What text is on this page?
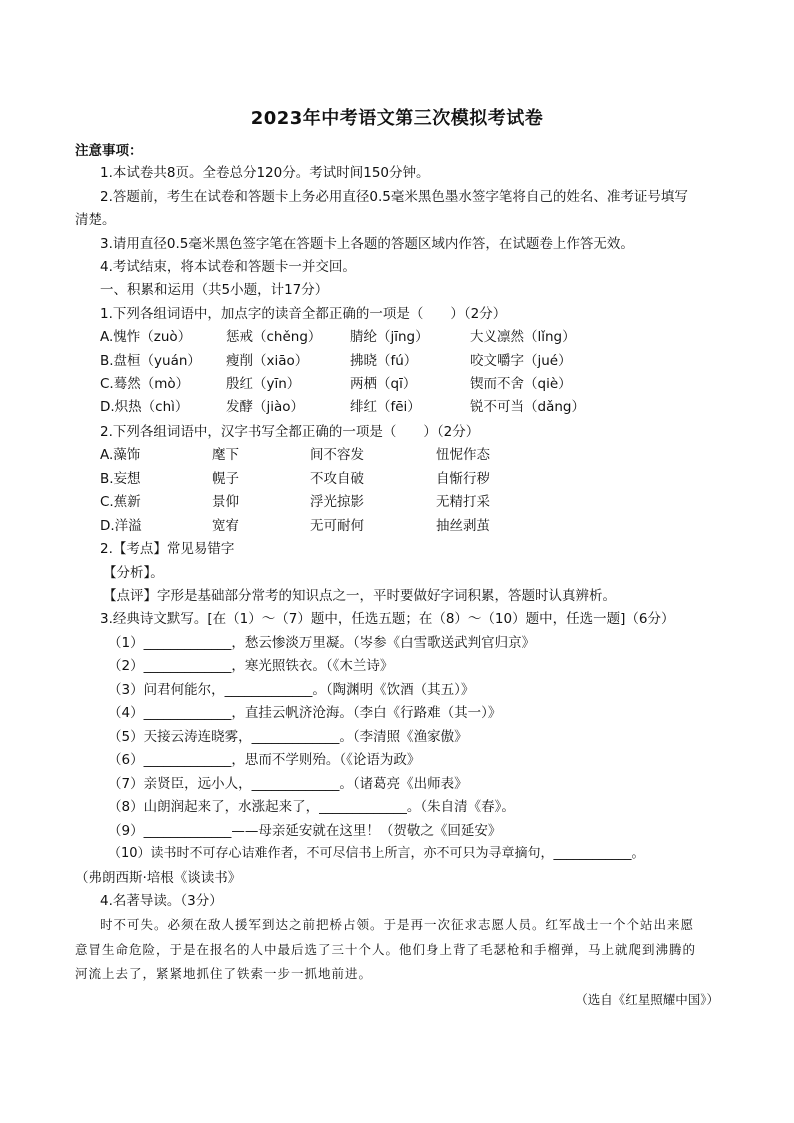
2023年中考语文第三次模拟考试卷
注意事项：
1.本试卷共8页。全卷总分120分。考试时间150分钟。
2.答题前，考生在试卷和答题卡上务必用直径0.5毫米黑色墨水签字笔将自己的姓名、准考证号填写
清楚。
3.请用直径0.5毫米黑色签字笔在答题卡上各题的答题区域内作答，在试题卷上作答无效。
4.考试结束，将本试卷和答题卡一并交回。
一、积累和运用（共5小题，计17分）
1.下列各组词语中，加点字的读音全都正确的一项是（　　）（2分）
A.愧怍（zuò）	惩戒（chěng） 腈纶（jīng）	大义凛然（lǐng）
B.盘桓（yuán） 瘦削（xiāo）	拂晓（fú）	咬文嚼字（jué）
C.蓦然（mò）	殷红（yīn）	两栖（qī）	锲而不舍（qiè）
D.炽热（chì）	发酵（jiào）	绯红（fēi）	锐不可当（dǎng）
2.下列各组词语中，汉字书写全都正确的一项是（　　）（2分）
A.藻饰	麾下	间不容发	忸怩作态
B.妄想	幌子	不攻自破	自惭行秽
C.蕉新	景仰	浮光掠影	无精打采
D.洋溢	宽宥	无可耐何	抽丝剥茧
2.【考点】常见易错字
【分析】。
【点评】字形是基础部分常考的知识点之一，平时要做好字词积累，答题时认真辨析。
3.经典诗文默写。[在（1）～（7）题中，任选五题；在（8）～（10）题中，任选一题]（6分）
（1）_____________，愁云惨淡万里凝。（岑参《白雪歌送武判官归京》
（2）_____________，寒光照铁衣。（《木兰诗》
（3）问君何能尔，_____________。（陶渊明《饮酒（其五）》
（4）_____________，直挂云帆济沧海。（李白《行路难（其一）》
（5）天接云涛连晓雾，_____________。（李清照《渔家傲》
（6）_____________，思而不学则殆。（《论语为政》
（7）亲贤臣，远小人，_____________。（诸葛亮《出师表》
（8）山朗润起来了，水涨起来了，_____________。（朱自清《春》。
（9）_____________——母亲延安就在这里！（贺敬之《回延安》
（10）读书时不可存心诘难作者，不可尽信书上所言，亦不可只为寻章摘句，____________。
（弗朗西斯·培根《谈读书》
4.名著导读。（3分）
时不可失。必须在敌人援军到达之前把桥占领。于是再一次征求志愿人员。红军战士一个个站出来愿
意冒生命危险，于是在报名的人中最后选了三十个人。他们身上背了毛瑟枪和手榴弹，马上就爬到沸腾的
河流上去了，紧紧地抓住了铁索一步一抓地前进。
（选自《红星照耀中国》）
